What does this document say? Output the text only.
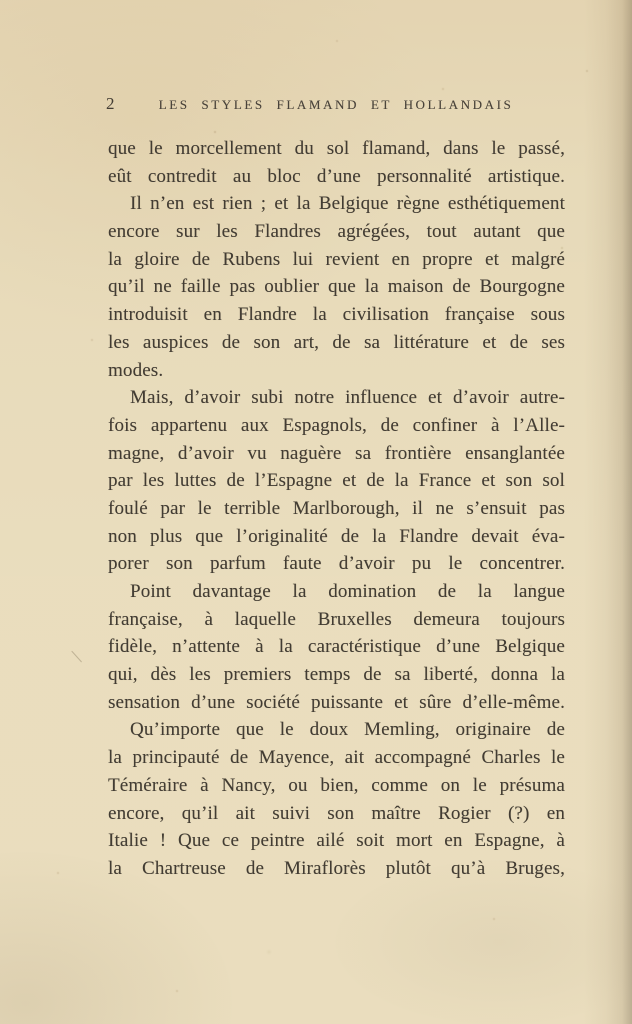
2	LES STYLES FLAMAND ET HOLLANDAIS
que le morcellement du sol flamand, dans le passé,
eût contredit au bloc d’une personnalité artistique.
Il n’en est rien ; et la Belgique règne esthétiquement
encore sur les Flandres agrégées, tout autant que
la gloire de Rubens lui revient en propre et malgré
qu’il ne faille pas oublier que la maison de Bourgogne
introduisit en Flandre la civilisation française sous
les auspices de son art, de sa littérature et de ses
modes.
Mais, d’avoir subi notre influence et d’avoir autre-
fois appartenu aux Espagnols, de confiner à l’Alle-
magne, d’avoir vu naguère sa frontière ensanglantée
par les luttes de l’Espagne et de la France et son sol
foulé par le terrible Marlborough, il ne s’ensuit pas
non plus que l’originalité de la Flandre devait éva-
porer son parfum faute d’avoir pu le concentrer.
Point davantage la domination de la langue
française, à laquelle Bruxelles demeura toujours
fidèle, n’attente à la caractéristique d’une Belgique
qui, dès les premiers temps de sa liberté, donna la
sensation d’une société puissante et sûre d’elle-même.
Qu’importe que le doux Memling, originaire de
la principauté de Mayence, ait accompagné Charles le
Téméraire à Nancy, ou bien, comme on le présuma
encore, qu’il ait suivi son maître Rogier (?) en
Italie ! Que ce peintre ailé soit mort en Espagne, à
la Chartreuse de Miraflorès plutôt qu’à Bruges,
